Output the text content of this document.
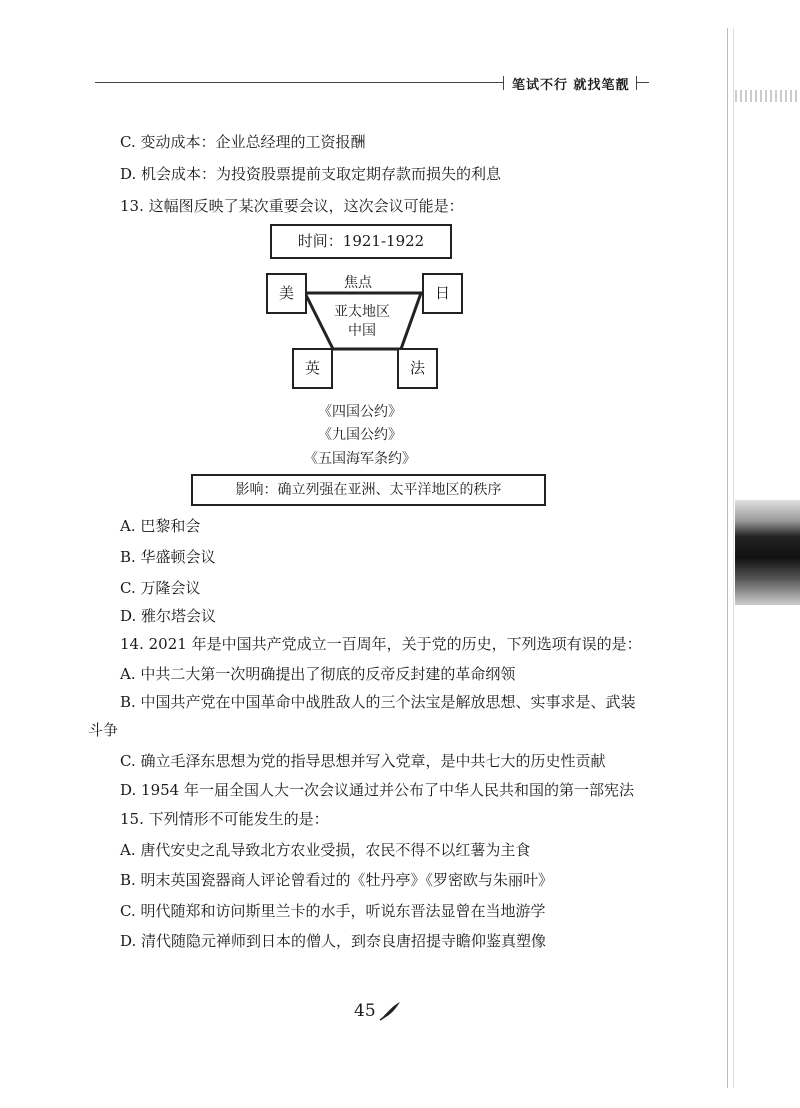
笔试不行 就找笔靓
C. 变动成本：企业总经理的工资报酬
D. 机会成本：为投资股票提前支取定期存款而损失的利息
13. 这幅图反映了某次重要会议，这次会议可能是：
时间：1921-1922
焦点
亚太地区
中国
美	日
英	法
《四国公约》
《九国公约》
《五国海军条约》
影响：确立列强在亚洲、太平洋地区的秩序
A. 巴黎和会
B. 华盛顿会议
C. 万隆会议
D. 雅尔塔会议
14. 2021 年是中国共产党成立一百周年，关于党的历史，下列选项有误的是：
A. 中共二大第一次明确提出了彻底的反帝反封建的革命纲领
B. 中国共产党在中国革命中战胜敌人的三个法宝是解放思想、实事求是、武装
斗争
C. 确立毛泽东思想为党的指导思想并写入党章，是中共七大的历史性贡献
D. 1954 年一届全国人大一次会议通过并公布了中华人民共和国的第一部宪法
15. 下列情形不可能发生的是：
A. 唐代安史之乱导致北方农业受损，农民不得不以红薯为主食
B. 明末英国瓷器商人评论曾看过的《牡丹亭》《罗密欧与朱丽叶》
C. 明代随郑和访问斯里兰卡的水手，听说东晋法显曾在当地游学
D. 清代随隐元禅师到日本的僧人，到奈良唐招提寺瞻仰鉴真塑像
45
